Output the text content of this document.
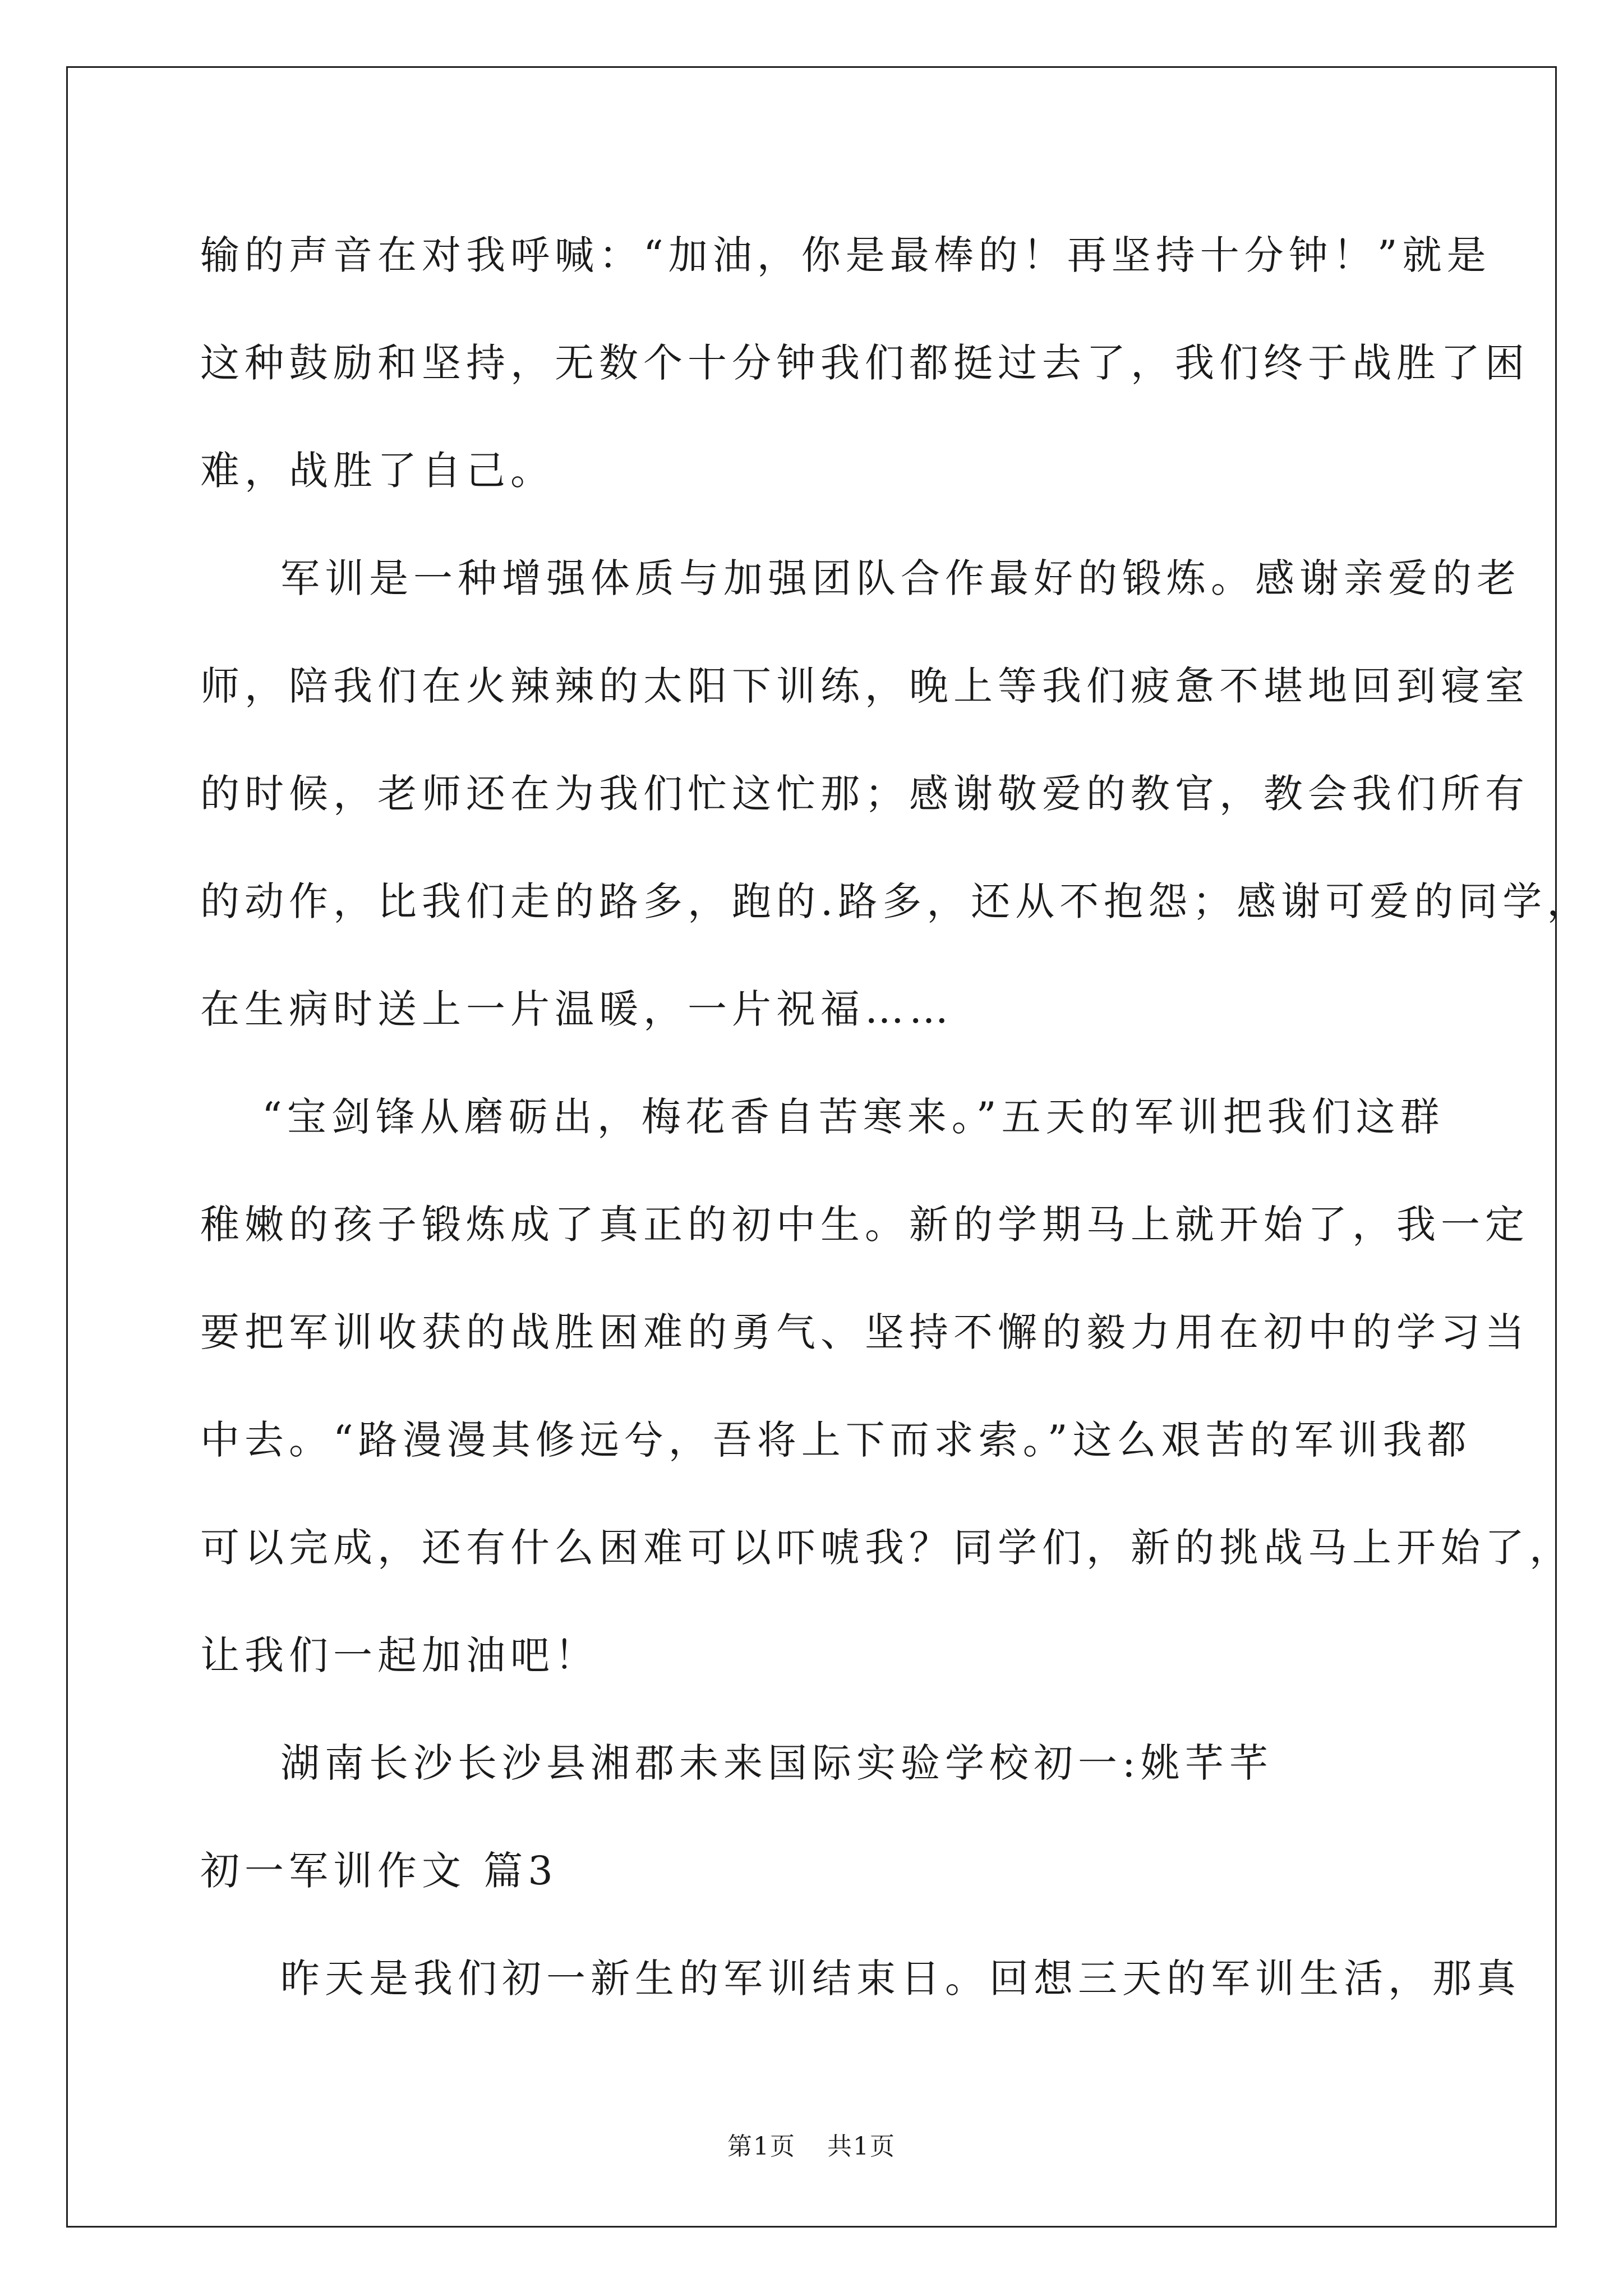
输的声音在对我呼喊：“加油，你是最棒的！再坚持十分钟！”就是
这种鼓励和坚持，无数个十分钟我们都挺过去了，我们终于战胜了困
难，战胜了自己。
军训是一种增强体质与加强团队合作最好的锻炼。感谢亲爱的老
师，陪我们在火辣辣的太阳下训练，晚上等我们疲惫不堪地回到寝室
的时候，老师还在为我们忙这忙那；感谢敬爱的教官，教会我们所有
的动作，比我们走的路多，跑的.路多，还从不抱怨；感谢可爱的同学，
在生病时送上一片温暖，一片祝福……
“宝剑锋从磨砺出，梅花香自苦寒来。”五天的军训把我们这群
稚嫩的孩子锻炼成了真正的初中生。新的学期马上就开始了，我一定
要把军训收获的战胜困难的勇气、坚持不懈的毅力用在初中的学习当
中去。“路漫漫其修远兮，吾将上下而求索。”这么艰苦的军训我都
可以完成，还有什么困难可以吓唬我？同学们，新的挑战马上开始了，
让我们一起加油吧！
湖南长沙长沙县湘郡未来国际实验学校初一:姚芊芊
初一军训作文 篇3
昨天是我们初一新生的军训结束日。回想三天的军训生活，那真
第1页 共1页
